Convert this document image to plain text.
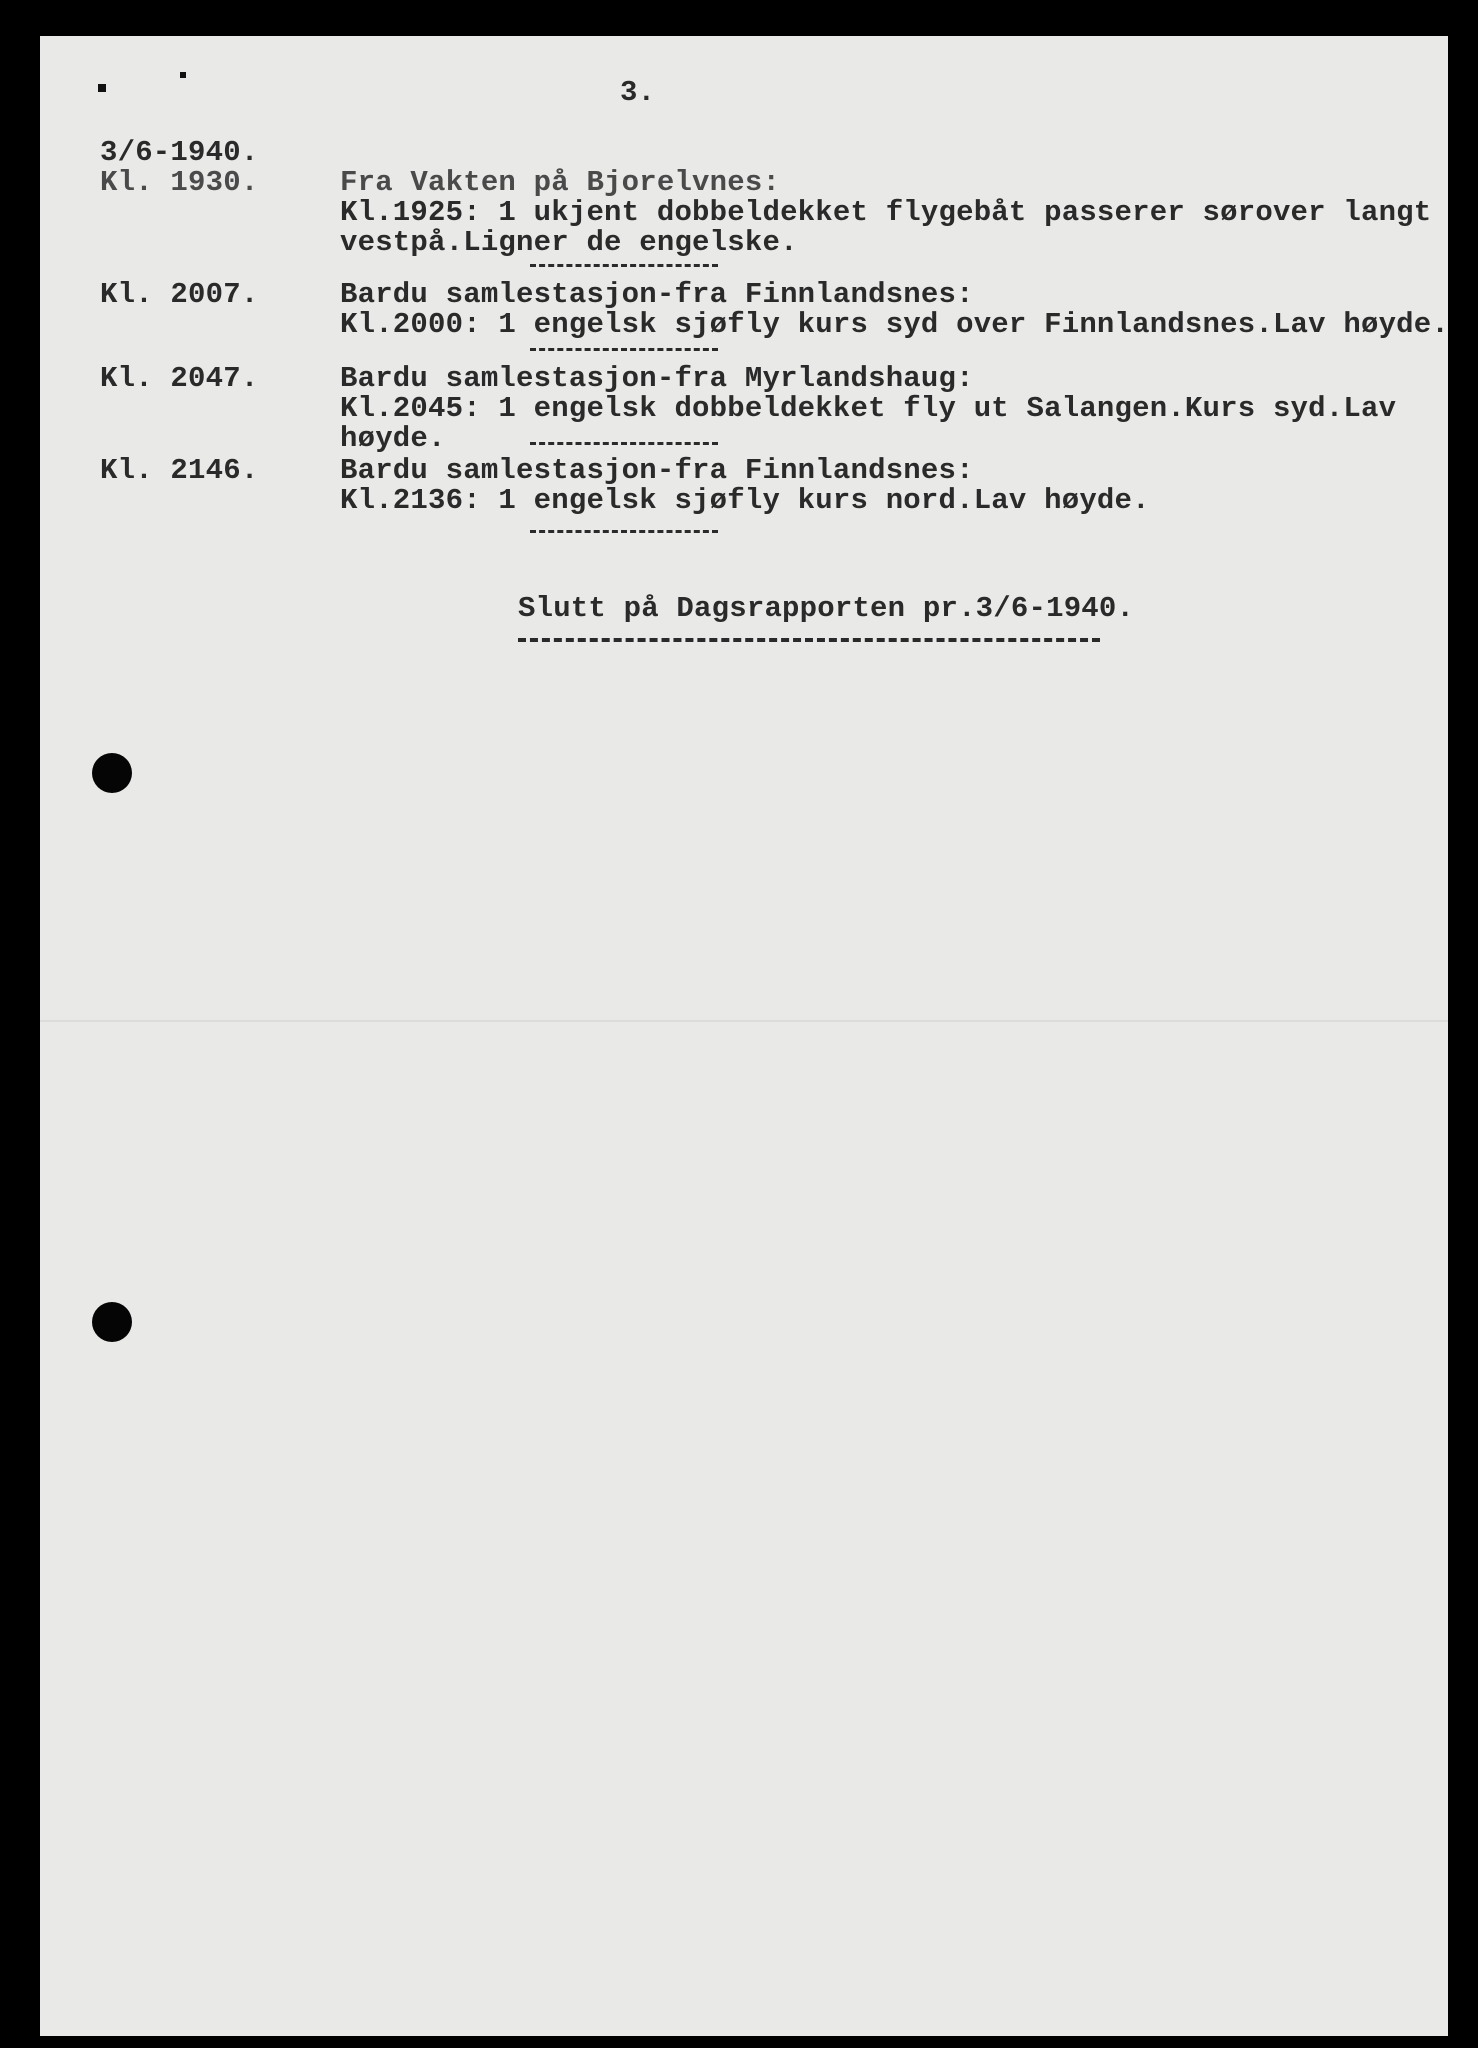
3.
3/6-1940.
Kl. 1930.	Fra Vakten på Bjorelvnes:
Kl.1925: 1 ukjent dobbeldekket flygebåt passerer sørover langt
vestpå.Ligner de engelske.
Kl. 2007.	Bardu samlestasjon-fra Finnlandsnes:
Kl.2000: 1 engelsk sjøfly kurs syd over Finnlandsnes.Lav høyde.
Kl. 2047.	Bardu samlestasjon-fra Myrlandshaug:
Kl.2045: 1 engelsk dobbeldekket fly ut Salangen.Kurs syd.Lav
høyde.
Kl. 2146.	Bardu samlestasjon-fra Finnlandsnes:
Kl.2136: 1 engelsk sjøfly kurs nord.Lav høyde.
Slutt på Dagsrapporten pr.3/6-1940.
